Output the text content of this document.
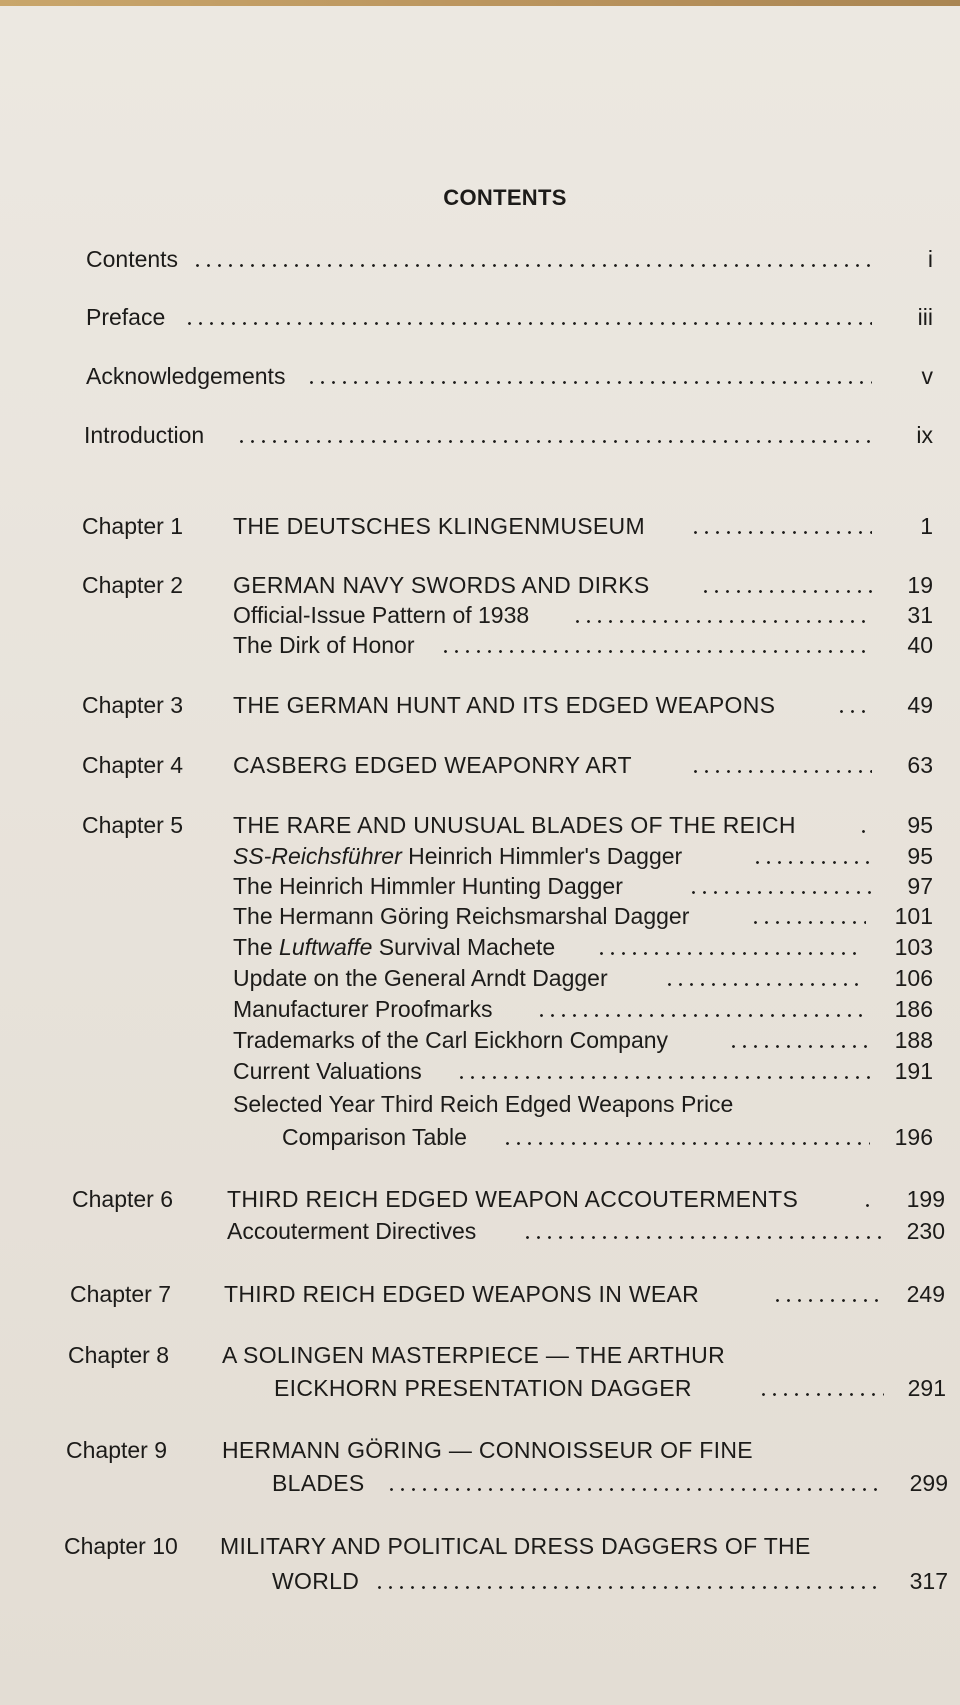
CONTENTS
Contents	i
Preface	iii
Acknowledgements	v
Introduction	ix
Chapter 1 THE DEUTSCHES KLINGENMUSEUM	1
Chapter 2 GERMAN NAVY SWORDS AND DIRKS	19
Official-Issue Pattern of 1938	31
The Dirk of Honor	40
Chapter 3 THE GERMAN HUNT AND ITS EDGED WEAPONS	49
Chapter 4 CASBERG EDGED WEAPONRY ART	63
Chapter 5 THE RARE AND UNUSUAL BLADES OF THE REICH	95
SS-Reichsführer Heinrich Himmler's Dagger	95
The Heinrich Himmler Hunting Dagger	97
The Hermann Göring Reichsmarshal Dagger	101
The Luftwaffe Survival Machete	103
Update on the General Arndt Dagger	106
Manufacturer Proofmarks	186
Trademarks of the Carl Eickhorn Company	188
Current Valuations	191
Selected Year Third Reich Edged Weapons Price
Comparison Table	196
Chapter 6 THIRD REICH EDGED WEAPON ACCOUTERMENTS	199
Accouterment Directives	230
Chapter 7 THIRD REICH EDGED WEAPONS IN WEAR	249
Chapter 8 A SOLINGEN MASTERPIECE — THE ARTHUR
EICKHORN PRESENTATION DAGGER	291
Chapter 9 HERMANN GÖRING — CONNOISSEUR OF FINE
BLADES	299
Chapter 10 MILITARY AND POLITICAL DRESS DAGGERS OF THE
WORLD	317
